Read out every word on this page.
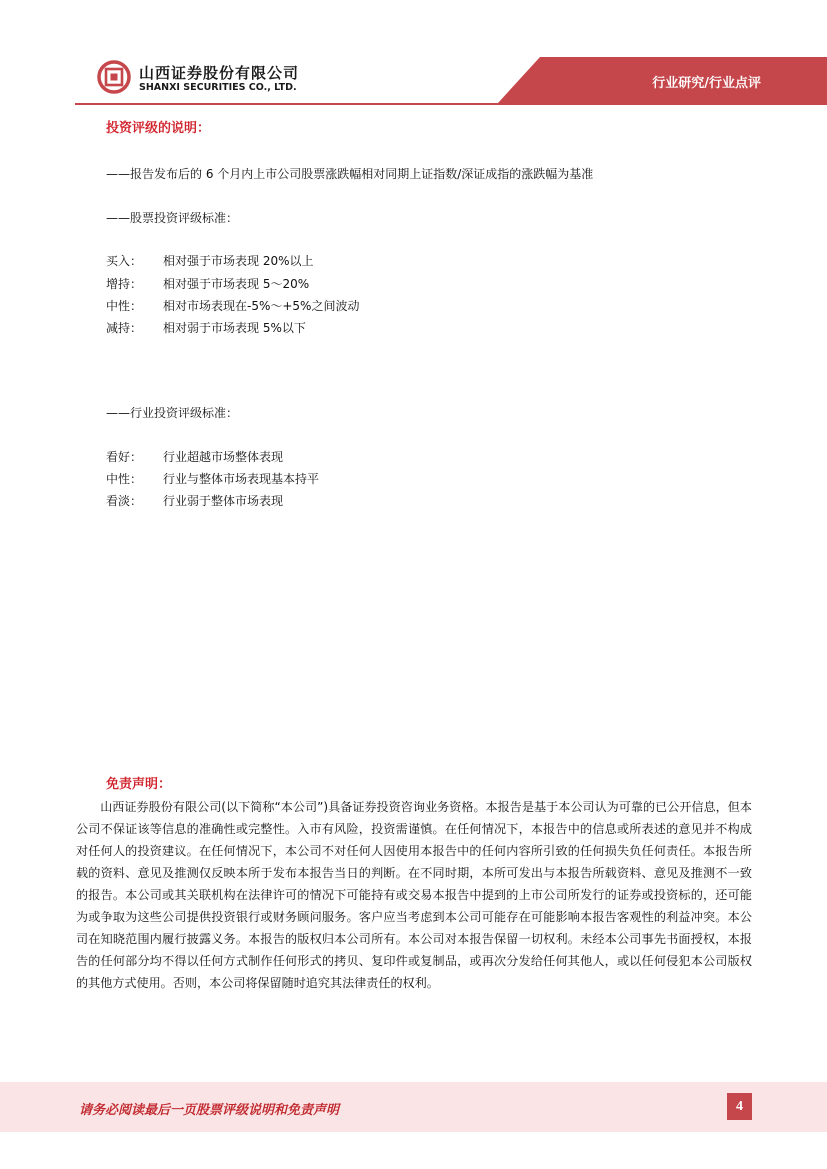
山西证券股份有限公司
SHANXI SECURITIES CO., LTD.	行业研究/行业点评
投资评级的说明：
——报告发布后的 6 个月内上市公司股票涨跌幅相对同期上证指数/深证成指的涨跌幅为基准
——股票投资评级标准：
买入： 相对强于市场表现 20%以上
增持： 相对强于市场表现 5～20%
中性： 相对市场表现在-5%～+5%之间波动
减持： 相对弱于市场表现 5%以下
——行业投资评级标准：
看好： 行业超越市场整体表现
中性： 行业与整体市场表现基本持平
看淡： 行业弱于整体市场表现
免责声明：
山西证券股份有限公司(以下简称“本公司”)具备证券投资咨询业务资格。本报告是基于本公司认为可靠的已公开信息，但本公司不保证该等信息的准确性或完整性。入市有风险，投资需谨慎。在任何情况下，本报告中的信息或所表述的意见并不构成对任何人的投资建议。在任何情况下，本公司不对任何人因使用本报告中的任何内容所引致的任何损失负任何责任。本报告所载的资料、意见及推测仅反映本所于发布本报告当日的判断。在不同时期，本所可发出与本报告所载资料、意见及推测不一致的报告。本公司或其关联机构在法律许可的情况下可能持有或交易本报告中提到的上市公司所发行的证券或投资标的，还可能为或争取为这些公司提供投资银行或财务顾问服务。客户应当考虑到本公司可能存在可能影响本报告客观性的利益冲突。本公司在知晓范围内履行披露义务。本报告的版权归本公司所有。本公司对本报告保留一切权利。未经本公司事先书面授权，本报告的任何部分均不得以任何方式制作任何形式的拷贝、复印件或复制品，或再次分发给任何其他人，或以任何侵犯本公司版权的其他方式使用。否则，本公司将保留随时追究其法律责任的权利。
请务必阅读最后一页股票评级说明和免责声明	4
